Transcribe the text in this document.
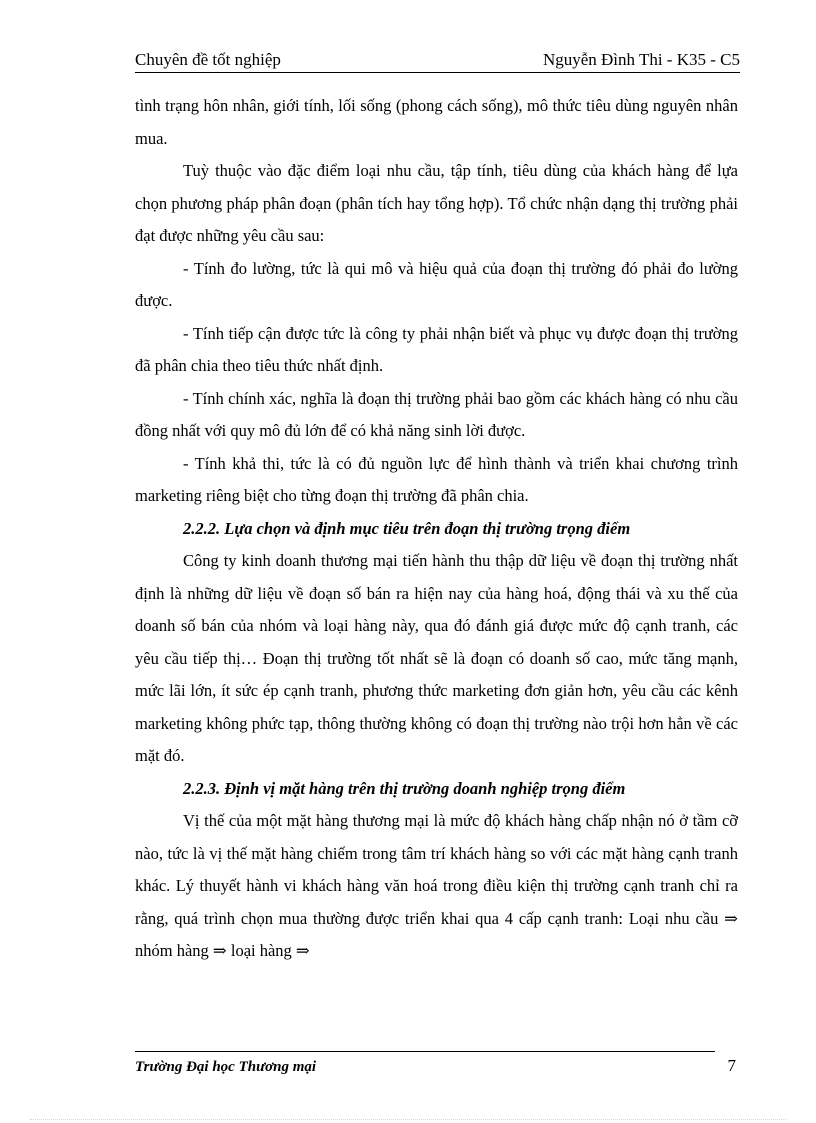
Chuyên đề tốt nghiệp	Nguyễn Đình Thi - K35 - C5

tình trạng hôn nhân, giới tính, lối sống (phong cách sống), mô thức tiêu dùng nguyên nhân mua.

Tuỳ thuộc vào đặc điểm loại nhu cầu, tập tính, tiêu dùng của khách hàng để lựa chọn phương pháp phân đoạn (phân tích hay tổng hợp). Tổ chức nhận dạng thị trường phải đạt được những yêu cầu sau:

- Tính đo lường, tức là qui mô và hiệu quả của đoạn thị trường đó phải đo lường được.

- Tính tiếp cận được tức là công ty phải nhận biết và phục vụ được đoạn thị trường đã phân chia theo tiêu thức nhất định.

- Tính chính xác, nghĩa là đoạn thị trường phải bao gồm các khách hàng có nhu cầu đồng nhất với quy mô đủ lớn để có khả năng sinh lời được.

- Tính khả thi, tức là có đủ nguồn lực để hình thành và triển khai chương trình marketing riêng biệt cho từng đoạn thị trường đã phân chia.

2.2.2. Lựa chọn và định mục tiêu trên đoạn thị trường trọng điểm

Công ty kinh doanh thương mại tiến hành thu thập dữ liệu về đoạn thị trường nhất định là những dữ liệu về đoạn số bán ra hiện nay của hàng hoá, động thái và xu thế của doanh số bán của nhóm và loại hàng này, qua đó đánh giá được mức độ cạnh tranh, các yêu cầu tiếp thị… Đoạn thị trường tốt nhất sẽ là đoạn có doanh số cao, mức tăng mạnh, mức lãi lớn, ít sức ép cạnh tranh, phương thức marketing đơn giản hơn, yêu cầu các kênh marketing không phức tạp, thông thường không có đoạn thị trường nào trội hơn hẳn về các mặt đó.

2.2.3. Định vị mặt hàng trên thị trường doanh nghiệp trọng điểm

Vị thế của một mặt hàng thương mại là mức độ khách hàng chấp nhận nó ở tầm cỡ nào, tức là vị thế mặt hàng chiếm trong tâm trí khách hàng so với các mặt hàng cạnh tranh khác. Lý thuyết hành vi khách hàng văn hoá trong điều kiện thị trường cạnh tranh chỉ ra rằng, quá trình chọn mua thường được triển khai qua 4 cấp cạnh tranh: Loại nhu cầu ⇒ nhóm hàng ⇒ loại hàng ⇒

Trường Đại học Thương mại	7
